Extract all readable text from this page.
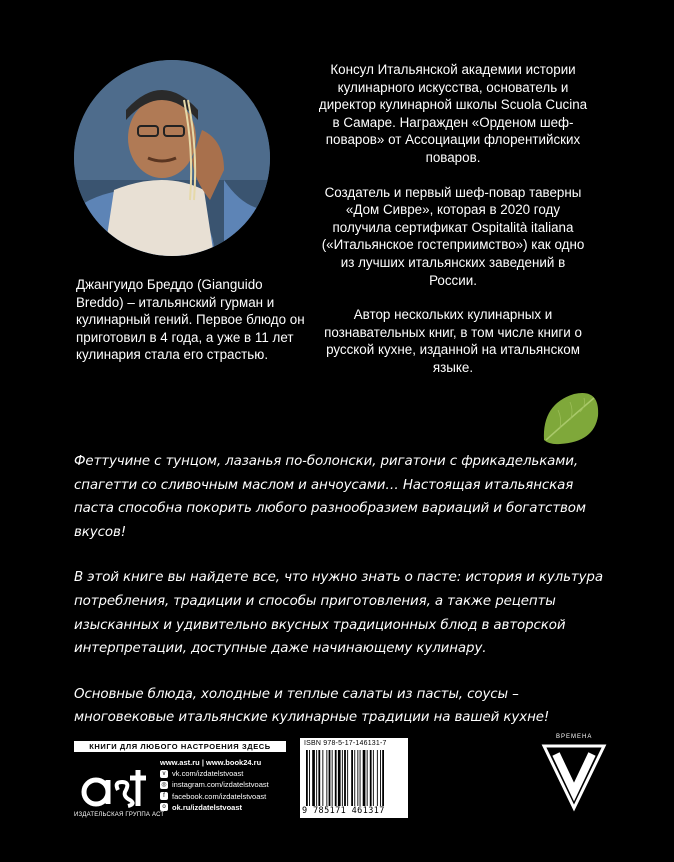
Джангуидо Бреддо (Gianguido Breddo) – итальянский гурман и кулинарный гений. Первое блюдо он приготовил в 4 года, а уже в 11 лет кулинария стала его страстью.

Консул Итальянской академии истории кулинарного искусства, основатель и директор кулинарной школы Scuola Cucina в Самаре. Награжден «Орденом шеф-поваров» от Ассоциации флорентийских поваров.

Создатель и первый шеф-повар таверны «Дом Сивре», которая в 2020 году получила сертификат Ospitalità italiana («Итальянское гостеприимство») как одно из лучших итальянских заведений в России.

Автор нескольких кулинарных и познавательных книг, в том числе книги о русской кухне, изданной на итальянском языке.

Феттучине с тунцом, лазанья по-болонски, ригатони с фрикадельками, спагетти со сливочным маслом и анчоусами… Настоящая итальянская паста способна покорить любого разнообразием вариаций и богатством вкусов!

В этой книге вы найдете все, что нужно знать о пасте: история и культура потребления, традиции и способы приготовления, а также рецепты изысканных и удивительно вкусных традиционных блюд в авторской интерпретации, доступные даже начинающему кулинару.

Основные блюда, холодные и теплые салаты из пасты, соусы – многовековые итальянские кулинарные традиции на вашей кухне!

КНИГИ ДЛЯ ЛЮБОГО НАСТРОЕНИЯ ЗДЕСЬ
ИЗДАТЕЛЬСКАЯ ГРУППА АСТ
www.ast.ru | www.book24.ru
v vk.com/izdatelstvoast
◎ instagram.com/izdatelstvoast
f facebook.com/izdatelstvoast
o ok.ru/izdatelstvoast
ISBN 978-5-17-146131-7
9 785171 461317
ВРЕМЕНА
